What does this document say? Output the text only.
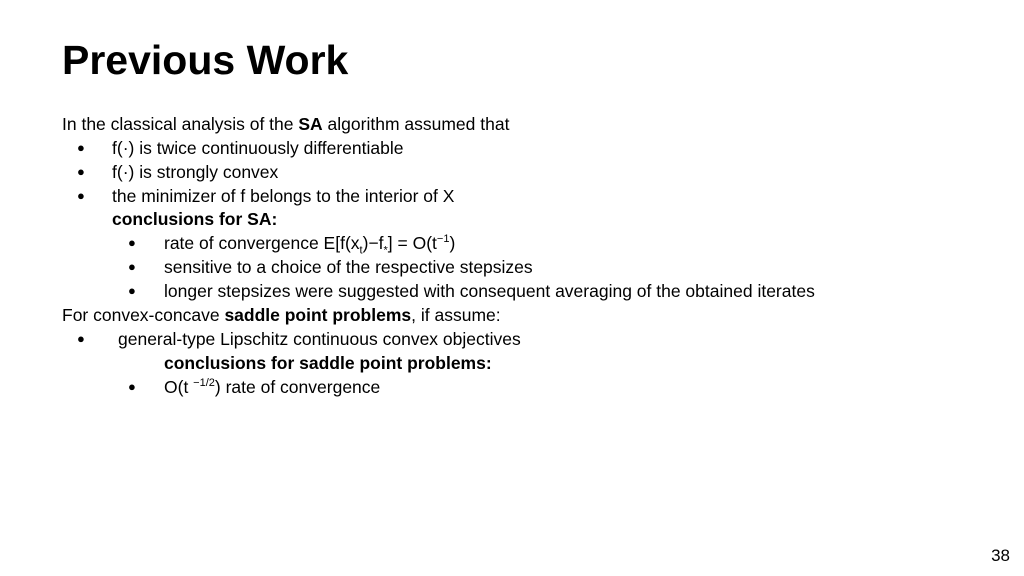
Previous Work
In the classical analysis of the SA algorithm assumed that
● f(·) is twice continuously differentiable
● f(·) is strongly convex
● the minimizer of f belongs to the interior of X
conclusions for SA:
● rate of convergence $E[f(x_t)-f_*] = O(t^{-1})$
● sensitive to a choice of the respective stepsizes
● longer stepsizes were suggested with consequent averaging of the obtained iterates
For convex-concave saddle point problems, if assume:
● general-type Lipschitz continuous convex objectives
conclusions for saddle point problems:
● O(t $^{-1/2}$) rate of convergence
38
